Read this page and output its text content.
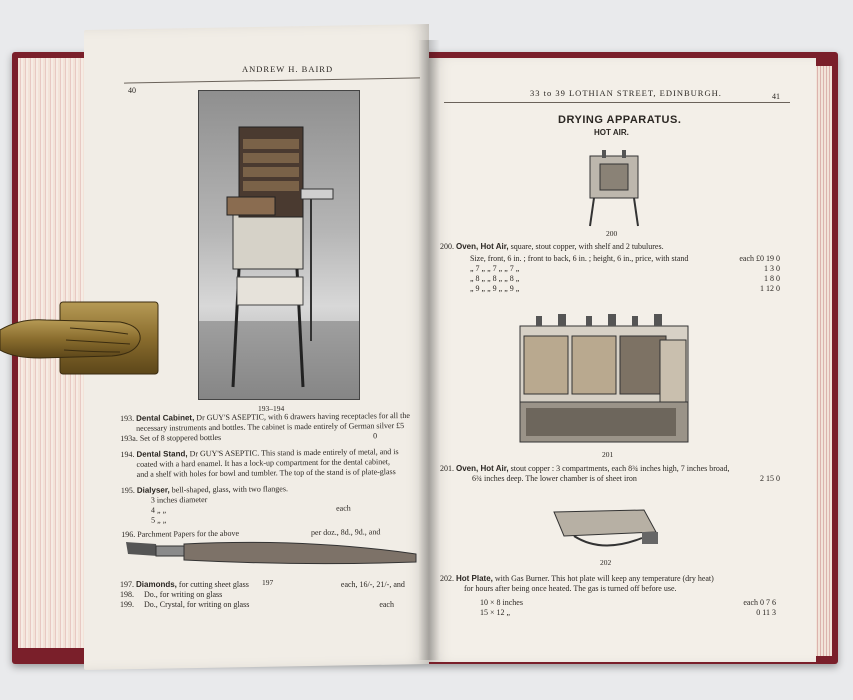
40
ANDREW H. BAIRD
193–194
193. Dental Cabinet, Dr GUY'S ASEPTIC, with 6 drawers having receptacles for all the
necessary instruments and bottles. The cabinet is made entirely of German silver £5
193a. Set of 8 stoppered bottles	0
194. Dental Stand, Dr GUY'S ASEPTIC. This stand is made entirely of metal, and is
coated with a hard enamel. It has a lock-up compartment for the dental cabinet,
and a shelf with holes for bowl and tumbler. The top of the stand is of plate-glass
195. Dialyser, bell-shaped, glass, with two flanges.
3 inches diameter
4 „ „	each
5 „ „
196. Parchment Papers for the above	per doz., 8d., 9d., and
197
197. Diamonds, for cutting sheet glass	each, 16/-, 21/-, and
198. Do., for writing on glass
199. Do., Crystal, for writing on glass	each
33 to 39 LOTHIAN STREET, EDINBURGH.	41
DRYING APPARATUS.
HOT AIR.
200
200. Oven, Hot Air, square, stout copper, with shelf and 2 tubulures.
Size, front, 6 in. ; front to back, 6 in. ; height, 6 in., price, with stand	each £0 19 0
„ 7 „ „ 7 „ „ 7 „	1 3 0
„ 8 „ „ 8 „ „ 8 „	1 8 0
„ 9 „ „ 9 „ „ 9 „	1 12 0
201
201. Oven, Hot Air, stout copper : 3 compartments, each 8¾ inches high, 7 inches broad,
6¾ inches deep. The lower chamber is of sheet iron	2 15 0
202
202. Hot Plate, with Gas Burner. This hot plate will keep any temperature (dry heat)
for hours after being once heated. The gas is turned off before use.
10 × 8 inches	each 0 7 6
15 × 12 „	0 11 3
